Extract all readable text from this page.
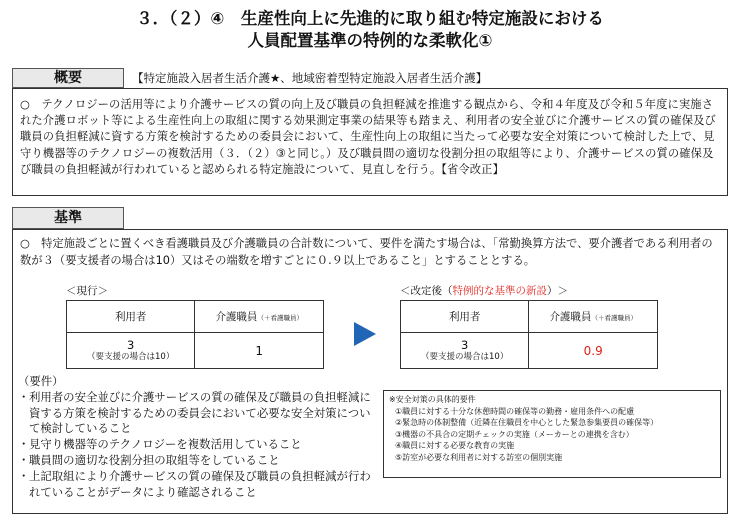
３．（２）④　生産性向上に先進的に取り組む特定施設における
人員配置基準の特例的な柔軟化①
概要	【特定施設入居者生活介護★、地域密着型特定施設入居者生活介護】
○　テクノロジーの活用等により介護サービスの質の向上及び職員の負担軽減を推進する観点から、令和４年度及び令和５年度に実施された介護ロボット等による生産性向上の取組に関する効果測定事業の結果等も踏まえ、利用者の安全並びに介護サービスの質の確保及び職員の負担軽減に資する方策を検討するための委員会において、生産性向上の取組に当たって必要な安全対策について検討した上で、見守り機器等のテクノロジーの複数活用（３．（２）③と同じ。）及び職員間の適切な役割分担の取組等により、介護サービスの質の確保及び職員の負担軽減が行われていると認められる特定施設について、見直しを行う。【省令改正】
基準
○　特定施設ごとに置くべき看護職員及び介護職員の合計数について、要件を満たす場合は、「常勤換算方法で、要介護者である利用者の数が３（要支援者の場合は10）又はその端数を増すごとに０.９以上であること」とすることとする。
＜現行＞
利用者	介護職員（＋看護職員）

3
（要支援の場合は10）	1
＜改定後（特例的な基準の新設）＞
利用者	介護職員（＋看護職員）

3
（要支援の場合は10）	0.9
（要件）
・ 利用者の安全並びに介護サービスの質の確保及び職員の負担軽減に資する方策を検討するための委員会において必要な安全対策について検討していること
・ 見守り機器等のテクノロジーを複数活用していること
・ 職員間の適切な役割分担の取組等をしていること
・ 上記取組により介護サービスの質の確保及び職員の負担軽減が行われていることがデータにより確認されること
※安全対策の具体的要件
①職員に対する十分な休憩時間の確保等の勤務・雇用条件への配慮
②緊急時の体制整備（近隣在住職員を中心とした緊急参集要員の確保等）
③機器の不具合の定期チェックの実施（メーカーとの連携を含む）
④職員に対する必要な教育の実施
⑤訪室が必要な利用者に対する訪室の個別実施
